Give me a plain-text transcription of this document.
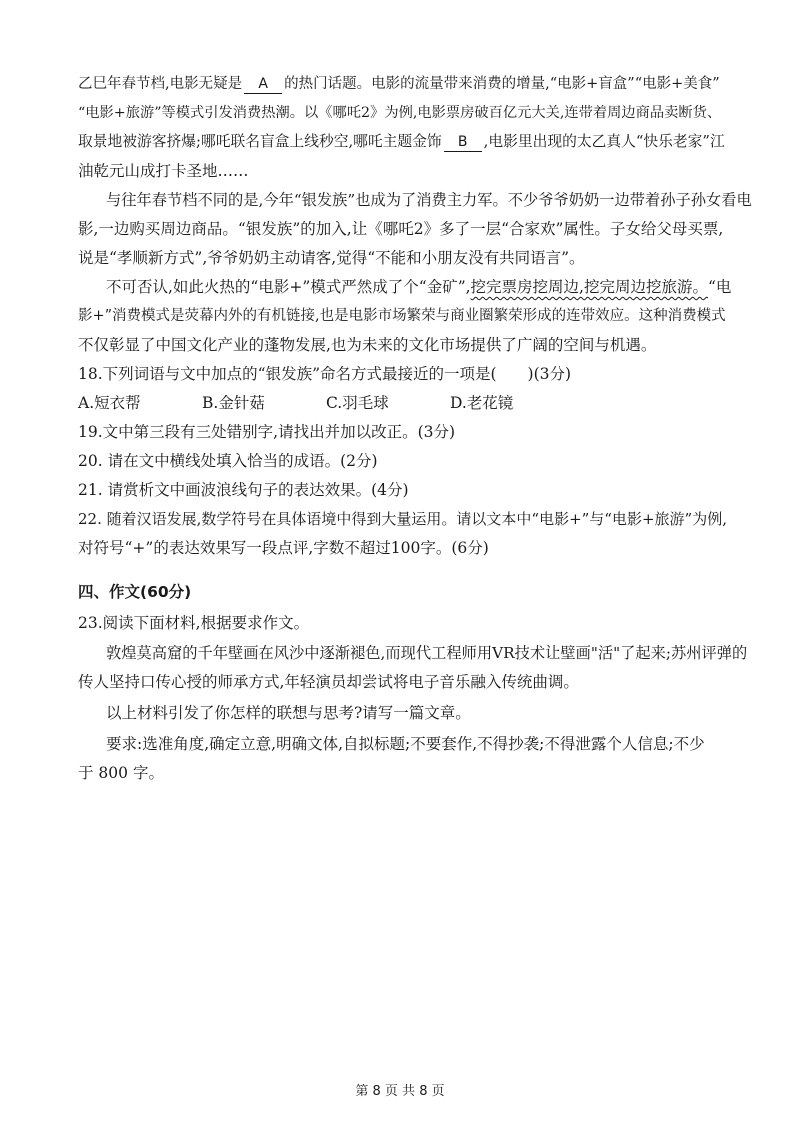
乙巳年春节档,电影无疑是 A 的热门话题。电影的流量带来消费的增量,“电影+盲盒”“电影+美食”
“电影+旅游”等模式引发消费热潮。以《哪吒2》为例,电影票房破百亿元大关,连带着周边商品卖断货、
取景地被游客挤爆;哪吒联名盲盒上线秒空,哪吒主题金饰 B ,电影里出现的太乙真人“快乐老家”江
油乾元山成打卡圣地……
与往年春节档不同的是,今年“银发族”也成为了消费主力军。不少爷爷奶奶一边带着孙子孙女看电
影,一边购买周边商品。“银发族”的加入,让《哪吒2》多了一层“合家欢”属性。子女给父母买票,
说是“孝顺新方式”,爷爷奶奶主动请客,觉得“不能和小朋友没有共同语言”。
不可否认,如此火热的“电影+”模式严然成了个“金矿”,挖完票房挖周边,挖完周边挖旅游。“电
影+”消费模式是荧幕内外的有机链接,也是电影市场繁荣与商业圈繁荣形成的连带效应。这种消费模式
不仅彰显了中国文化产业的蓬物发展,也为未来的文化市场提供了广阔的空间与机遇。
18.下列词语与文中加点的“银发族”命名方式最接近的一项是(　　)(3分)
A.短衣帮	B.金针菇	C.羽毛球	D.老花镜
19.文中第三段有三处错别字,请找出并加以改正。(3分)
20. 请在文中横线处填入恰当的成语。(2分)
21. 请赏析文中画波浪线句子的表达效果。(4分)
22. 随着汉语发展,数学符号在具体语境中得到大量运用。请以文本中“电影+”与“电影+旅游”为例,
对符号“+”的表达效果写一段点评,字数不超过100字。(6分)
四、作文(60分)
23.阅读下面材料,根据要求作文。
敦煌莫高窟的千年壁画在风沙中逐渐褪色,而现代工程师用VR技术让壁画"活"了起来;苏州评弹的
传人坚持口传心授的师承方式,年轻演员却尝试将电子音乐融入传统曲调。
以上材料引发了你怎样的联想与思考?请写一篇文章。
要求:选准角度,确定立意,明确文体,自拟标题;不要套作,不得抄袭;不得泄露个人信息;不少
于 800 字。
第 8 页 共 8 页
